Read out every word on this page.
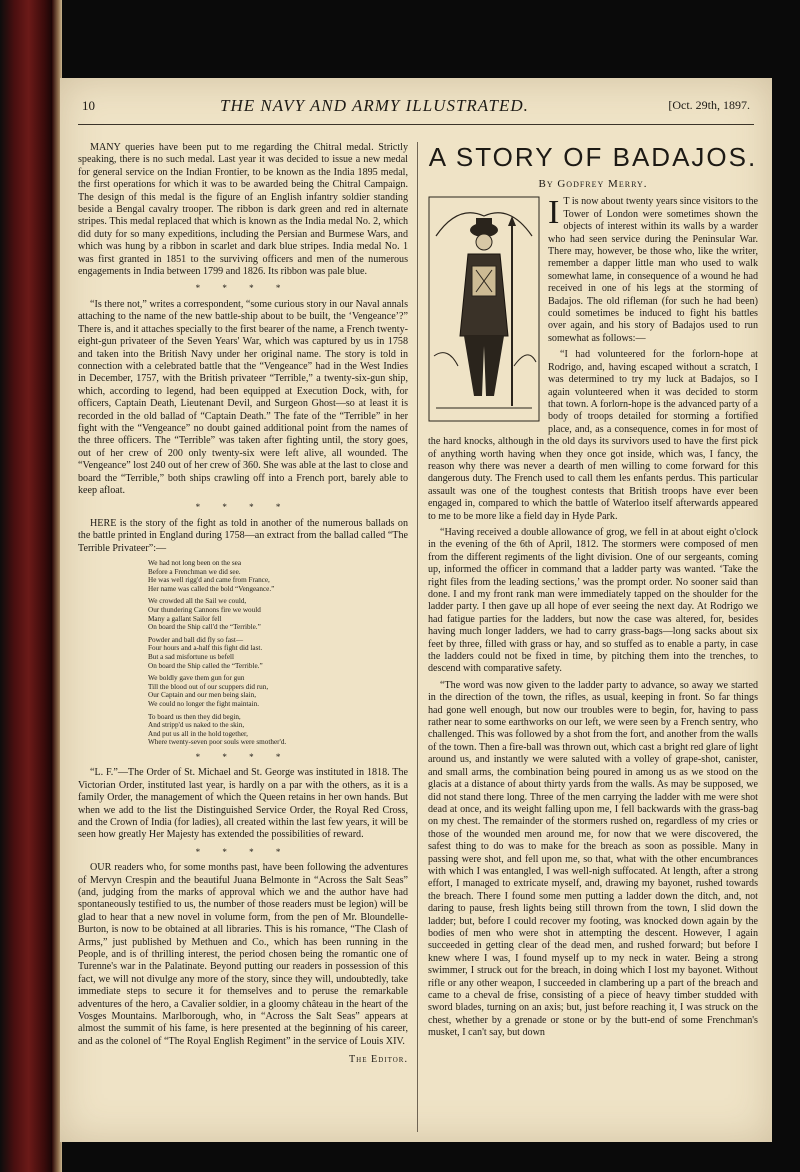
10	THE NAVY AND ARMY ILLUSTRATED.	[Oct. 29th, 1897.

MANY queries have been put to me regarding the Chitral medal. Strictly speaking, there is no such medal. Last year it was decided to issue a new medal for general service on the Indian Frontier, to be known as the India 1895 medal, the first operations for which it was to be awarded being the Chitral Campaign. The design of this medal is the figure of an English infantry soldier standing beside a Bengal cavalry trooper. The ribbon is dark green and red in alternate stripes. This medal replaced that which is known as the India medal No. 2, which did duty for so many expeditions, including the Persian and Burmese Wars, and which was hung by a ribbon in scarlet and dark blue stripes. India medal No. 1 was first granted in 1851 to the surviving officers and men of the numerous engagements in India between 1799 and 1826. Its ribbon was pale blue.

* * * *

“Is there not,” writes a correspondent, “some curious story in our Naval annals attaching to the name of the new battle-ship about to be built, the ‘Vengeance’?” There is, and it attaches specially to the first bearer of the name, a French twenty-eight-gun privateer of the Seven Years' War, which was captured by us in 1758 and taken into the British Navy under her original name. The story is told in connection with a celebrated battle that the “Vengeance” had in the West Indies in December, 1757, with the British privateer “Terrible,” a twenty-six-gun ship, which, according to legend, had been equipped at Execution Dock, with, for officers, Captain Death, Lieutenant Devil, and Surgeon Ghost—so at least it is recorded in the old ballad of “Captain Death.” The fate of the “Terrible” in her fight with the “Vengeance” no doubt gained additional point from the names of the three officers. The “Terrible” was taken after fighting until, the story goes, out of her crew of 200 only twenty-six were left alive, all wounded. The “Vengeance” lost 240 out of her crew of 360. She was able at the last to close and board the “Terrible,” both ships crawling off into a French port, barely able to keep afloat.

* * * *

HERE is the story of the fight as told in another of the numerous ballads on the battle printed in England during 1758—an extract from the ballad called “The Terrible Privateer”:—

We had not long been on the sea
Before a Frenchman we did see.
He was well rigg'd and came from France,
Her name was called the bold “Vengeance.”
We crowded all the Sail we could,
Our thundering Cannons fire we would
Many a gallant Sailor fell
On board the Ship call'd the “Terrible.”
Powder and ball did fly so fast—
Four hours and a-half this fight did last.
But a sad misfortune us befell
On board the Ship called the “Terrible.”
We boldly gave them gun for gun
Till the blood out of our scuppers did run,
Our Captain and our men being slain,
We could no longer the fight maintain.
To board us then they did begin,
And stripp'd us naked to the skin,
And put us all in the hold together,
Where twenty-seven poor souls were smother'd.
* * * *

“L. F.”—The Order of St. Michael and St. George was instituted in 1818. The Victorian Order, instituted last year, is hardly on a par with the others, as it is a family Order, the management of which the Queen retains in her own hands. But when we add to the list the Distinguished Service Order, the Royal Red Cross, and the Crown of India (for ladies), all created within the last few years, it will be seen how greatly Her Majesty has extended the possibilities of reward.

* * * *

OUR readers who, for some months past, have been following the adventures of Mervyn Crespin and the beautiful Juana Belmonte in “Across the Salt Seas” (and, judging from the marks of approval which we and the author have had spontaneously testified to us, the number of those readers must be legion) will be glad to hear that a new novel in volume form, from the pen of Mr. Bloundelle-Burton, is now to be obtained at all libraries. This is his romance, “The Clash of Arms,” just published by Methuen and Co., which has been running in the People, and is of thrilling interest, the period chosen being the romantic one of Turenne's war in the Palatinate. Beyond putting our readers in possession of this fact, we will not divulge any more of the story, since they will, undoubtedly, take immediate steps to secure it for themselves and to peruse the remarkable adventures of the hero, a Cavalier soldier, in a gloomy château in the heart of the Vosges Mountains. Marlborough, who, in “Across the Salt Seas” appears at almost the summit of his fame, is here presented at the beginning of his career, and as the colonel of “The Royal English Regiment” in the service of Louis XIV.

The Editor.
A STORY OF BADAJOS.
By Godfrey Merry.
I T is now about twenty years since visitors to the Tower of London were sometimes shown the objects of interest within its walls by a warder who had seen service during the Peninsular War. There may, however, be those who, like the writer, remember a dapper little man who used to walk somewhat lame, in consequence of a wound he had received in one of his legs at the storming of Badajos. The old rifleman (for such he had been) could sometimes be induced to fight his battles over again, and his story of Badajos used to run somewhat as follows:—

“I had volunteered for the forlorn-hope at Rodrigo, and, having escaped without a scratch, I was determined to try my luck at Badajos, so I again volunteered when it was decided to storm that town. A forlorn-hope is the advanced party of a body of troops detailed for storming a fortified place, and, as a consequence, comes in for most of the hard knocks, although in the old days its survivors used to have the first pick of anything worth having when they once got inside, which was, I fancy, the reason why there was never a dearth of men willing to come forward for this dangerous duty. The French used to call them les enfants perdus. This particular assault was one of the toughest contests that British troops have ever been engaged in, compared to which the battle of Waterloo itself afterwards appeared to me to be more like a field day in Hyde Park.

“Having received a double allowance of grog, we fell in at about eight o'clock in the evening of the 6th of April, 1812. The stormers were composed of men from the different regiments of the light division. One of our sergeants, coming up, informed the officer in command that a ladder party was wanted. ‘Take the right files from the leading sections,’ was the prompt order. No sooner said than done. I and my front rank man were immediately tapped on the shoulder for the ladder party. I then gave up all hope of ever seeing the next day. At Rodrigo we had fatigue parties for the ladders, but now the case was altered, for, besides having much longer ladders, we had to carry grass-bags—long sacks about six feet by three, filled with grass or hay, and so stuffed as to enable a party, in case the ladders could not be fixed in time, by pitching them into the trenches, to descend with comparative safety.

“The word was now given to the ladder party to advance, so away we started in the direction of the town, the rifles, as usual, keeping in front. So far things had gone well enough, but now our troubles were to begin, for, having to pass rather near to some earthworks on our left, we were seen by a French sentry, who challenged. This was followed by a shot from the fort, and another from the walls of the town. Then a fire-ball was thrown out, which cast a bright red glare of light around us, and instantly we were saluted with a volley of grape-shot, canister, and small arms, the combination being poured in among us as we stood on the glacis at a distance of about thirty yards from the walls. As may be supposed, we did not stand there long. Three of the men carrying the ladder with me were shot dead at once, and its weight falling upon me, I fell backwards with the grass-bag on my chest. The remainder of the stormers rushed on, regardless of my cries or those of the wounded men around me, for now that we were discovered, the safest thing to do was to make for the breach as soon as possible. Many in passing were shot, and fell upon me, so that, what with the other encumbrances with which I was entangled, I was well-nigh suffocated. At length, after a strong effort, I managed to extricate myself, and, drawing my bayonet, rushed towards the breach. There I found some men putting a ladder down the ditch, and, not daring to pause, fresh lights being still thrown from the town, I slid down the ladder; but, before I could recover my footing, was knocked down again by the bodies of men who were shot in attempting the descent. However, I again succeeded in getting clear of the dead men, and rushed forward; but before I knew where I was, I found myself up to my neck in water. Being a strong swimmer, I struck out for the breach, in doing which I lost my bayonet. Without rifle or any other weapon, I succeeded in clambering up a part of the breach and came to a cheval de frise, consisting of a piece of heavy timber studded with sword blades, turning on an axis; but, just before reaching it, I was struck on the chest, whether by a grenade or stone or by the butt-end of some Frenchman's musket, I can't say, but down
